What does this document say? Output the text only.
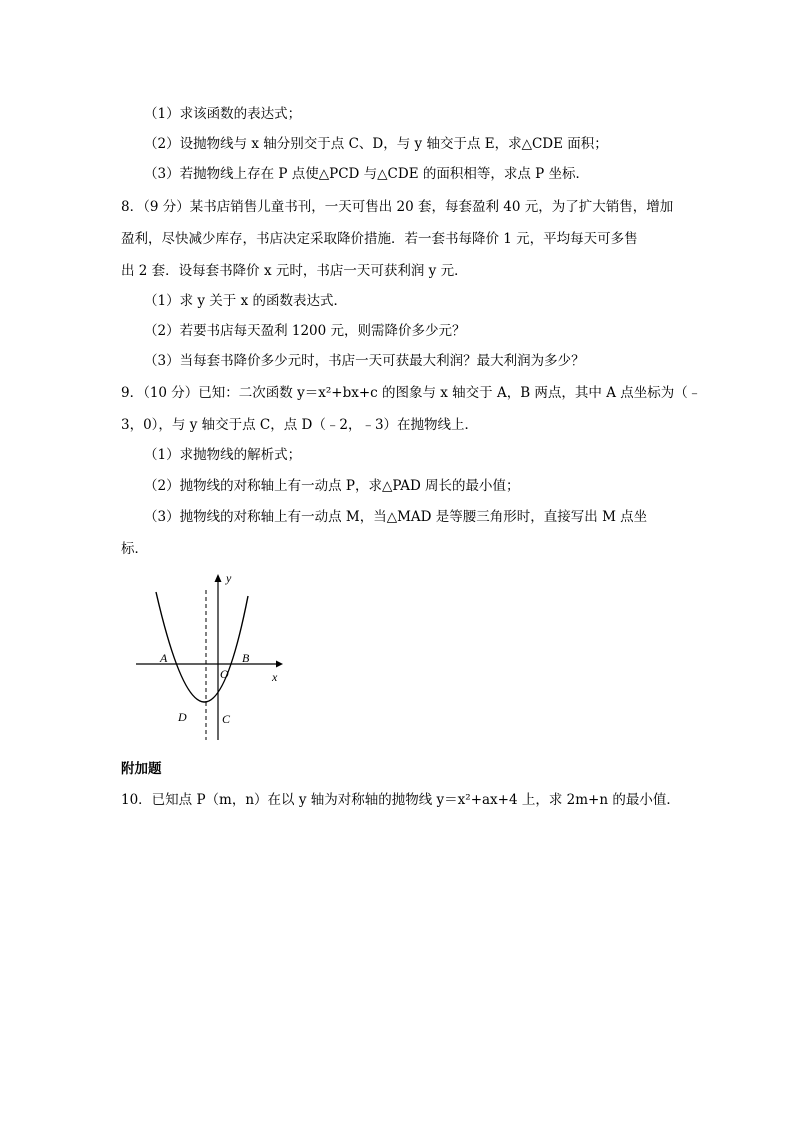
（1）求该函数的表达式；
（2）设抛物线与 x 轴分别交于点 C、D，与 y 轴交于点 E，求△CDE 面积；
（3）若抛物线上存在 P 点使△PCD 与△CDE 的面积相等，求点 P 坐标．
8．（9 分）某书店销售儿童书刊，一天可售出 20 套，每套盈利 40 元，为了扩大销售，增加
盈利，尽快减少库存，书店决定采取降价措施．若一套书每降价 1 元，平均每天可多售
出 2 套．设每套书降价 x 元时，书店一天可获利润 y 元．
（1）求 y 关于 x 的函数表达式．
（2）若要书店每天盈利 1200 元，则需降价多少元？
（3）当每套书降价多少元时，书店一天可获最大利润？最大利润为多少？
9．（10 分）已知：二次函数 y＝x²+bx+c 的图象与 x 轴交于 A，B 两点，其中 A 点坐标为（﹣
3，0），与 y 轴交于点 C，点 D（﹣2，﹣3）在抛物线上．
（1）求抛物线的解析式；
（2）抛物线的对称轴上有一动点 P，求△PAD 周长的最小值；
（3）抛物线的对称轴上有一动点 M，当△MAD 是等腰三角形时，直接写出 M 点坐
标．
y
x
A	B
O
C
D
附加题
10．已知点 P（m，n）在以 y 轴为对称轴的抛物线 y＝x²+ax+4 上，求 2m+n 的最小值．
